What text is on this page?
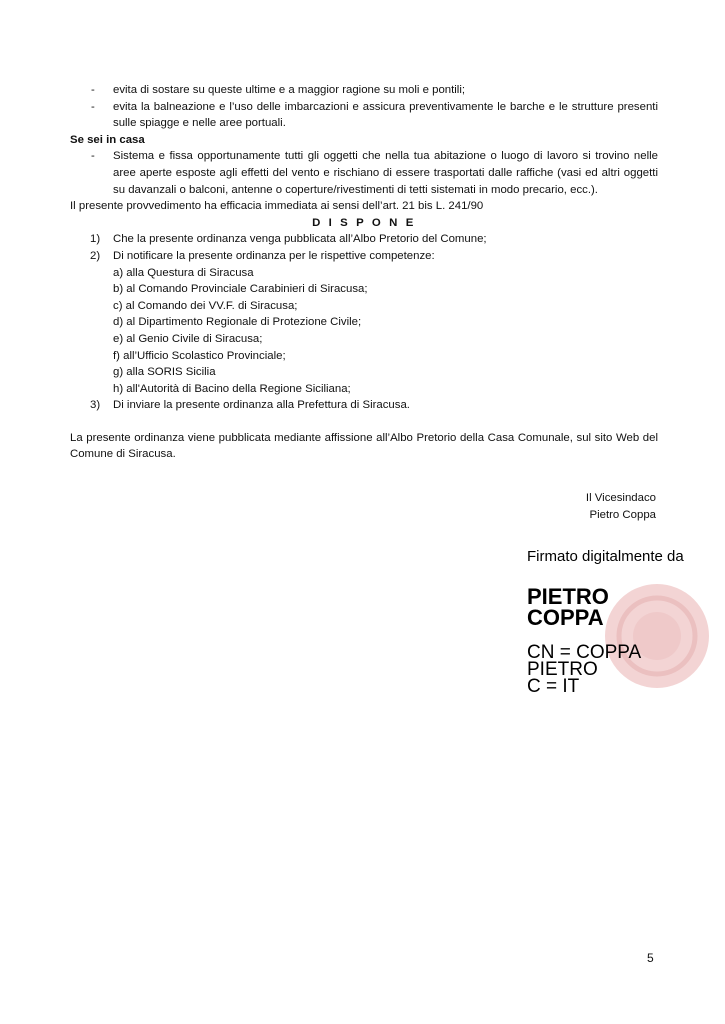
- evita di sostare su queste ultime e a maggior ragione su moli e pontili;
- evita la balneazione e l’uso delle imbarcazioni e assicura preventivamente le barche e le strutture presenti sulle spiagge e nelle aree portuali.
Se sei in casa
- Sistema e fissa opportunamente tutti gli oggetti che nella tua abitazione o luogo di lavoro si trovino nelle aree aperte esposte agli effetti del vento e rischiano di essere trasportati dalle raffiche (vasi ed altri oggetti su davanzali o balconi, antenne o coperture/rivestimenti di tetti sistemati in modo precario, ecc.).
Il presente provvedimento ha efficacia immediata ai sensi dell’art. 21 bis L. 241/90
D I S P O N E
1) Che la presente ordinanza venga pubblicata all’Albo Pretorio del Comune;
2) Di notificare la presente ordinanza per le rispettive competenze:
a) alla Questura di Siracusa
b) al Comando Provinciale Carabinieri di Siracusa;
c) al Comando dei VV.F. di Siracusa;
d) al Dipartimento Regionale di Protezione Civile;
e) al Genio Civile di Siracusa;
f) all’Ufficio Scolastico Provinciale;
g) alla SORIS Sicilia
h) all'Autorità di Bacino della Regione Siciliana;
3) Di inviare la presente ordinanza alla Prefettura di Siracusa.
La presente ordinanza viene pubblicata mediante affissione all’Albo Pretorio della Casa Comunale, sul sito Web del Comune di Siracusa.
Il Vicesindaco
Pietro Coppa
Firmato digitalmente da
PIETRO
COPPA
CN = COPPA
PIETRO
C = IT
5
